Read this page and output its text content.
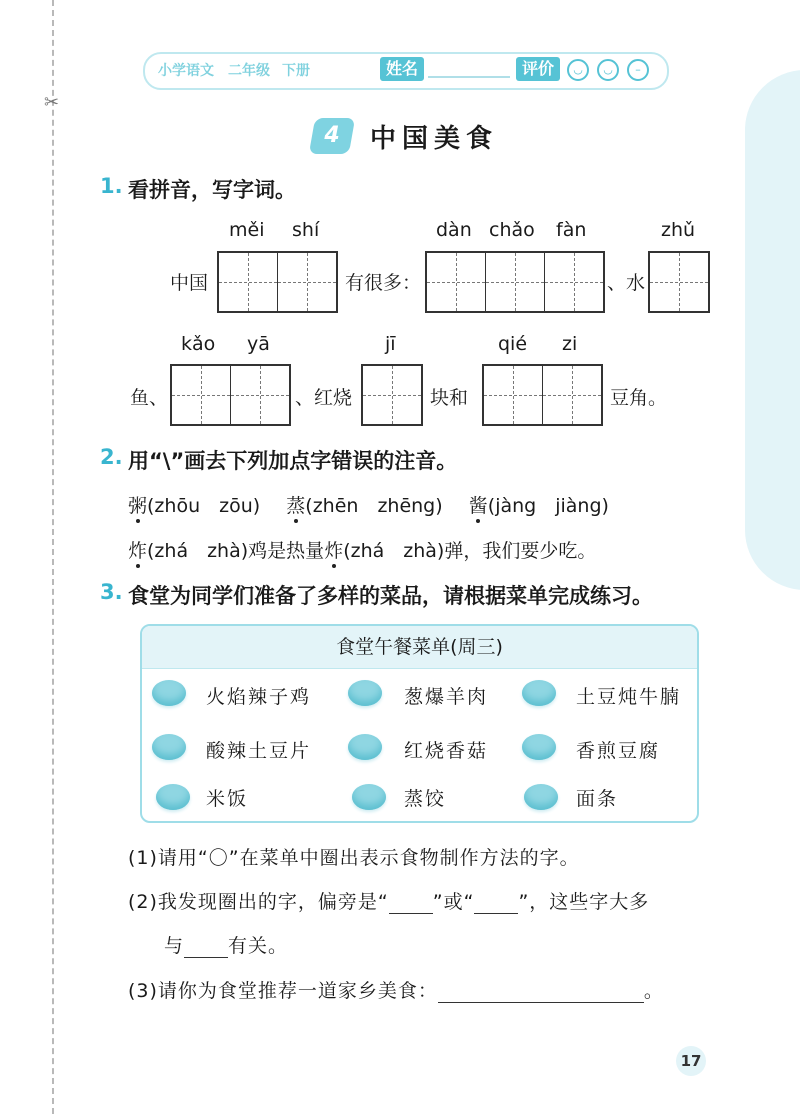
✂
小学语文 二年级 下册	姓名	评价	◡	◡	–
4	中国美食
1. 看拼音，写字词。
měi shí	dàn chǎo fàn	zhǔ
中国	有很多：	、水
kǎo yā	jī	qié zi
鱼、	、红烧	块和	豆角。
2. 用“\”画去下列加点字错误的注音。
粥(zhōu　zōu) 蒸(zhēn　zhēng) 酱(jàng　jiàng)
炸(zhá　zhà)鸡是热量炸(zhá　zhà)弹，我们要少吃。
3. 食堂为同学们准备了多样的菜品，请根据菜单完成练习。
食堂午餐菜单(周三)
火焰辣子鸡	葱爆羊肉	土豆炖牛腩
酸辣土豆片	红烧香菇	香煎豆腐
米饭	蒸饺	面条
(1)请用“〇”在菜单中圈出表示食物制作方法的字。
(2)我发现圈出的字，偏旁是“ ”或“ ”，这些字大多
与 有关。
(3)请你为食堂推荐一道家乡美食：	。
17
